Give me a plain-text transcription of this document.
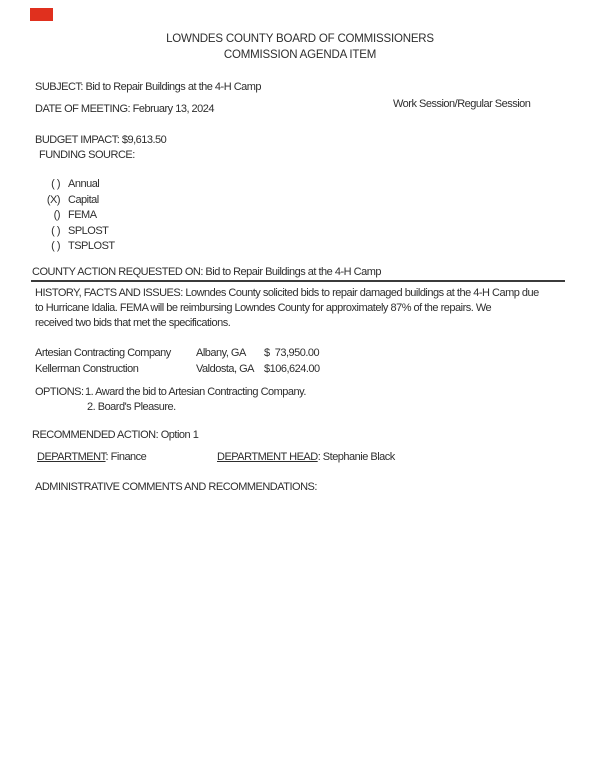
LOWNDES COUNTY BOARD OF COMMISSIONERS
COMMISSION AGENDA ITEM
SUBJECT: Bid to Repair Buildings at the 4-H Camp
Work Session/Regular Session
DATE OF MEETING: February 13, 2024
BUDGET IMPACT: $9,613.50
FUNDING SOURCE:
( ) Annual
(X) Capital
() FEMA
( ) SPLOST
( ) TSPLOST
COUNTY ACTION REQUESTED ON: Bid to Repair Buildings at the 4-H Camp
HISTORY, FACTS AND ISSUES: Lowndes County solicited bids to repair damaged buildings at the 4-H Camp due
to Hurricane Idalia. FEMA will be reimbursing Lowndes County for approximately 87% of the repairs. We
received two bids that met the specifications.
Artesian Contracting Company Albany, GA $  73,950.00
Kellerman Construction	Valdosta, GA $106,624.00
OPTIONS: 1. Award the bid to Artesian Contracting Company.
2. Board's Pleasure.
RECOMMENDED ACTION: Option 1
DEPARTMENT: Finance	DEPARTMENT HEAD: Stephanie Black
ADMINISTRATIVE COMMENTS AND RECOMMENDATIONS:
